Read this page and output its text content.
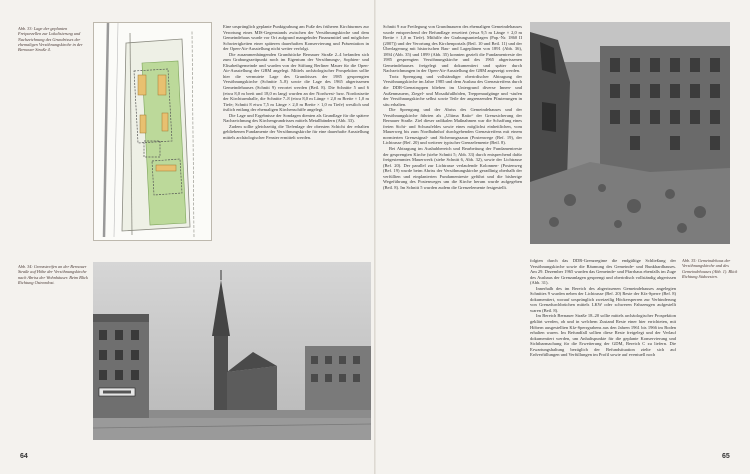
Abb. 33: Lage der geplanten Freiparzellen zur Lokalisierung und Nachzeichnung des Grundrisses der ehemaligen Versöhnungskirche in der Bernauer Straße 4.

Eine ursprünglich geplante Punktgrabung am Fuße des früheren Kirchturmes zur Verortung eines MIS-Gegenstands zwischen der Versöhnungskirche und dem Gemeindehaus wurde vor Ort aufgrund mangelnder Finanzmittel und möglicher Schwierigkeiten einer späteren dauerhaften Konservierung und Präsentation in der Open-Air-Ausstellung nicht weiter verfolgt.

Die zusammenhängenden Grundstücke Bernauer Straße 2–4 befanden sich zum Grabungszeitpunkt noch im Eigentum der Versöhnungs-, Sophien- und Elisabethgemeinde und wurden von der Stiftung Berliner Mauer für die Open-Air-Ausstellung der GBM angelegt. Mittels archäologischer Prospektion sollte hier die vermutete Lage des Grundrisses der 1985 gesprengten Versöhnungskirche (Schnitte 5–8) sowie die Lage des 1965 abgerissenen Gemeindehauses (Schnitt 9) verortet werden (Beil. 8). Die Schnitte 5 und 6 (etwa 8,0 m breit und 18,0 m lang) wurden an der Nordwest- bzw. Nordostseite der Kirchturmhalle, die Schnitte 7–8 (etwa 8,0 m Länge × 2,0 m Breite × 1,0 m Tiefe; Schnitt 8 etwa 7,5 m Länge × 2,0 m Breite × 1,0 m Tiefe) westlich und östlich entlang der ehemaligen Kirchenschiffe angelegt.

Die Lage und Ergebnisse der Sondagen dienten als Grundlage für die spätere Nachzeichnung des Kirchengrundrisses mittels Metallbändern (Abb. 33).

Zudem sollte gleichzeitig die Tiefenlage der obersten Schicht der erhalten gebliebenen Fundamente der Versöhnungskirche für eine dauerhafte Ausstellung mittels archäologischer Fenster ermittelt werden.

Abb. 34: Grenzstreifen an der Bernauer Straße auf Höhe der Versöhnungskirche nach Abriss der Wohnhäuser. Beim Blick Richtung Ostnordost.
64

Schnitt 9 zur Freilegung von Grundmauern des ehemaligen Gemeindehauses wurde entsprechend der Befundlage erweitert (etwa 9,5 m Länge × 2,0 m Breite × 1,0 m Tiefe). Mithilfe der Grabungsunterlagen (Pap.-Nr. 1860 II (2007)) und der Verortung des Kirchenportals (Beil. 10 und Beil. 11) und der Überlagerung mit historischen Bau- und Lageplänen von 1891 (Abb. 36), 1894 (Abb. 35) und 1899 (Abb. 35) konnten gezielt die Fundamentreste der 1985 gesprengten Versöhnungskirche und des 1965 abgerissenen Gemeindehauses freigelegt und dokumentiert und später durch Nachzeichnungen in der Open-Air-Ausstellung der GBM angezeigt werden.

Trotz Sprengung und vollständiger oberirdischer Abtragung der Versöhnungskirche im Jahre 1985 und dem Ausbau des Grenzstreifens durch die DDR-Grenztruppen blieben im Untergrund diverse Innen- und Außenmauern, Ziegel- und Mosaikfußböden, Treppenaufgänge und -stufen der Versöhnungskirche selbst sowie Teile der angrenzenden Pfasterungen in situ erhalten.

Die Sprengung und der Abriss des Gemeindehauses und der Versöhnungskirche führten als „Ultima Ratio“ der Grenzsicherung der Bernauer Straße. Ziel dieser radikalen Maßnahmen war die Schaffung eines freien Sicht- und Schussfeldes sowie eines möglichst einheitlichen, vom Mauerweg bis zum Nordbahnhof durchgehenden Grenzstreifens mit einem normierten Grenzsignal- und Sicherungszaun (Postenwege (Bef. 19), der Lichtrasse (Bef. 20) und weiterer typischer Grenzelemente (Beil. 8).

Bei Abtragung im Aushubbereich und Bearbeitung der Fundamentreste der gesprengten Kirche (siehe Schnitt 5; Abb. 33) durch entsprechend dafür freigestemmtes Mauerwerk (siehe Schnitt 6, Abb. 32), sowie der Lichtrasse (Bef. 20). Der parallel zur Lichtrasse verlaufende Kolonnen- (Postenweg (Bef. 19) wurde beim Abriss der Versöhnungskirche geradlinig oberhalb der verfüllten und einplanierten Fundamentreste geführt und die bisherige Wegeführung des Postenweges um die Kirche herum wurde aufgegeben (Beil. 8). Im Schnitt 5 wurden zudem die Grenzelemente festgestellt.

folgten durch das DDR-Grenzregime die endgültige Schließung der Versöhnungskirche sowie die Räumung des Gemeinde- und Bunkhardhauses. Am 29. Dezember 1965 wurden das Gemeinde- und Pfarrhaus ebenfalls im Zuge des Ausbaus der Grenzanlagen gesprengt und oberirdisch vollständig abgerissen (Abb. 31).

Innerhalb des im Bereich des abgerissenen Gemeindehauses angelegten Schnittes 9 wurden neben der Lichtrasse (Bef. 20) Reste der Kfz-Sperre (Bef. 8) dokumentiert, worauf ursprünglich zweizeilig Höckersperren zur Verhinderung von Grenzdurchbrüchen mittels LKW oder schweren Fahrzeugen aufgestellt waren (Beil. 8).

Im Bereich Bernauer Straße 18–20 sollte mittels archäologischer Prospektion geklärt werden, ob und in welchem Zustand Reste einer hier errichteten, mit Höbern ausgestellten Kfz-Sperrgrabens aus den Jahren 1961 bis 1966 im Boden erhalten waren. Im Befundfall sollten diese Reste freigelegt und der Verlauf dokumentiert werden, um Anhaltspunkte für die geplante Konservierung und Sichtbarmachung für die Erweiterung der GDM, Bereich C zu liefern. Die Erwartungshaltung bezüglich der Befundsituation zielte sich auf Erdverfüllungen und Verfüllungen im Profil sowie auf eventuell noch

Abb. 35: Gemeindehaus der Versöhnungskirche und des Gemeindehauses (Abb. 1). Blick Richtung Südwesten.
65
